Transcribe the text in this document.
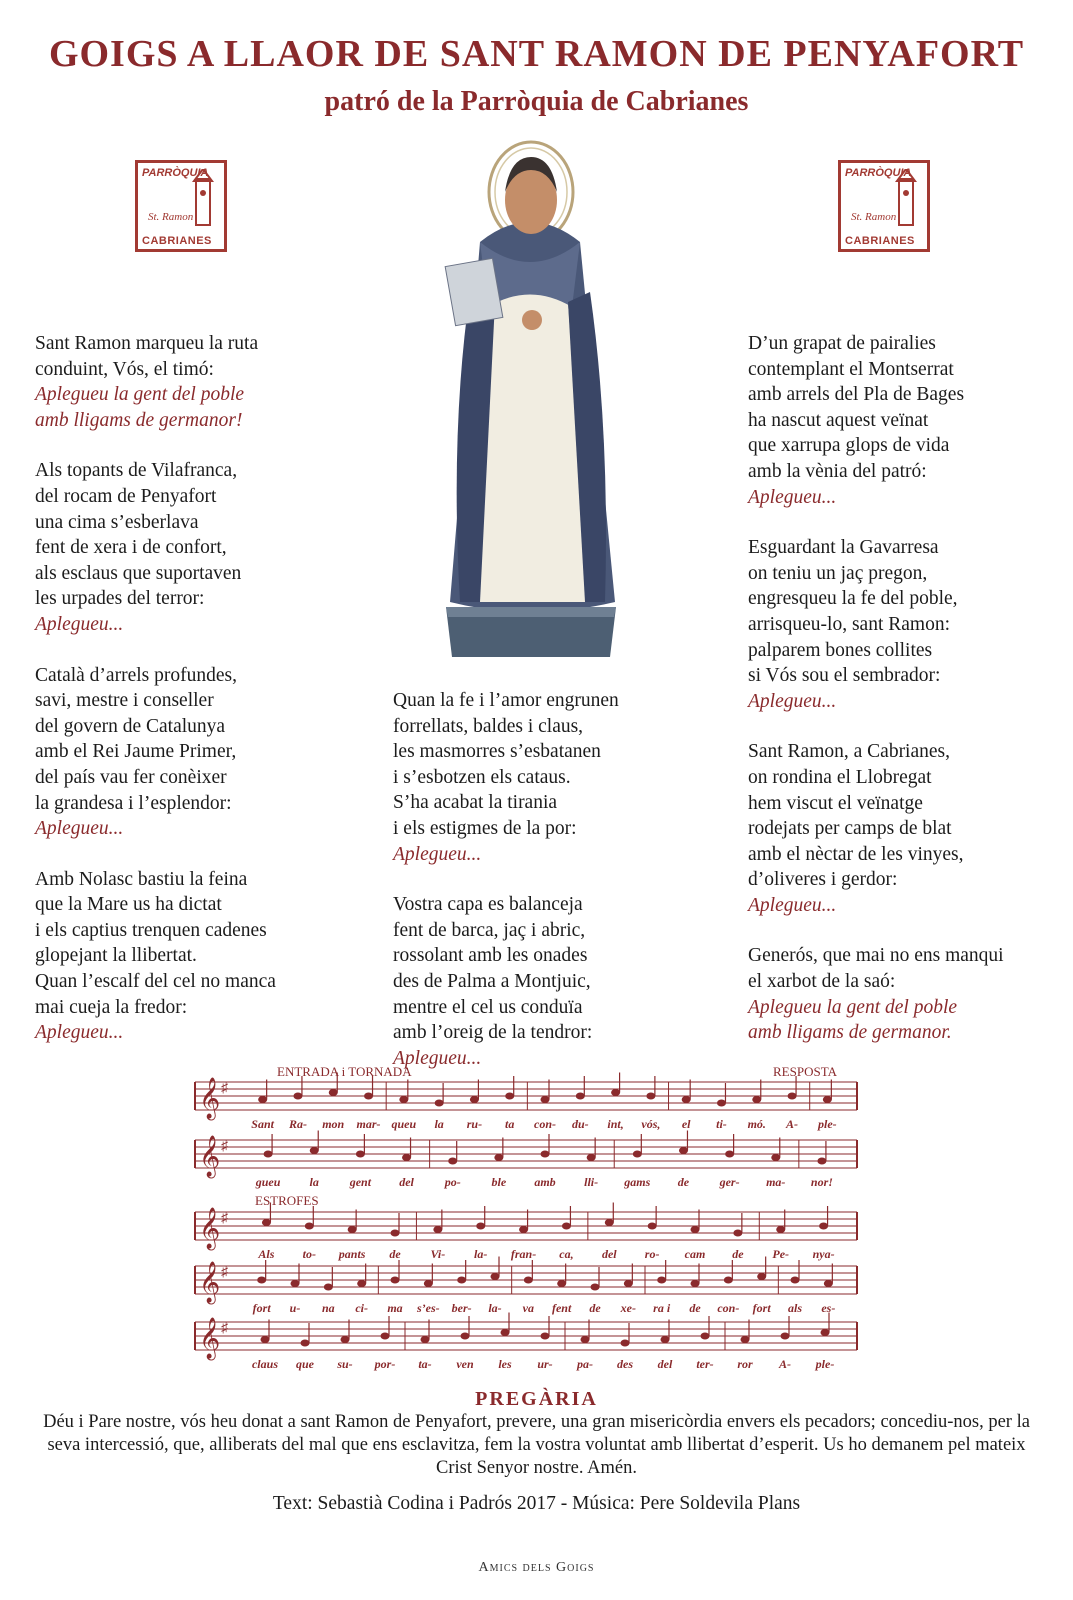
GOIGS A LLAOR DE SANT RAMON DE PENYAFORT
patró de la Parròquia de Cabrianes
PARRÒQUIA
St. Ramon
CABRIANES
PARRÒQUIA
St. Ramon
CABRIANES
Sant Ramon marqueu la ruta
conduint, Vós, el timó:
Aplegueu la gent del poble
amb lligams de germanor!
Als topants de Vilafranca,
del rocam de Penyafort
una cima s’esberlava
fent de xera i de confort,
als esclaus que suportaven
les urpades del terror:
Aplegueu...
Català d’arrels profundes,
savi, mestre i conseller
del govern de Catalunya
amb el Rei Jaume Primer,
del país vau fer conèixer
la grandesa i l’esplendor:
Aplegueu...
Amb Nolasc bastiu la feina
que la Mare us ha dictat
i els captius trenquen cadenes
glopejant la llibertat.
Quan l’escalf del cel no manca
mai cueja la fredor:
Aplegueu...
Quan la fe i l’amor engrunen
forrellats, baldes i claus,
les masmorres s’esbatanen
i s’esbotzen els cataus.
S’ha acabat la tirania
i els estigmes de la por:
Aplegueu...
Vostra capa es balanceja
fent de barca, jaç i abric,
rossolant amb les onades
des de Palma a Montjuic,
mentre el cel us conduïa
amb l’oreig de la tendror:
Aplegueu...
D’un grapat de pairalies
contemplant el Montserrat
amb arrels del Pla de Bages
ha nascut aquest veïnat
que xarrupa glops de vida
amb la vènia del patró:
Aplegueu...
Esguardant la Gavarresa
on teniu un jaç pregon,
engresqueu la fe del poble,
arrisqueu-lo, sant Ramon:
palparem bones collites
si Vós sou el sembrador:
Aplegueu...
Sant Ramon, a Cabrianes,
on rondina el Llobregat
hem viscut el veïnatge
rodejats per camps de blat
amb el nèctar de les vinyes,
d’oliveres i gerdor:
Aplegueu...
Generós, que mai no ens manqui
el xarbot de la saó:
Aplegueu la gent del poble
amb lligams de germanor.
ENTRADA i TORNADA	RESPOSTA
ESTROFES
𝄞 ♯
Sant Ra- mon mar- queu la ru- ta con- du- int, vós, el ti- mó. A- ple-
𝄞 ♯
gueu la	gent del	po-	ble amb lli- gams de	ger- ma- nor!
𝄞 ♯
Als to- pants de Vi- la- fran- ca, del ro- cam de Pe- nya-
𝄞 ♯
fort u- na ci- ma s’es- ber- la- va fent de xe- ra i de con- fort als es-
𝄞 ♯
claus que su- por- ta- ven les ur- pa- des del ter- ror A- ple-
PREGÀRIA
Déu i Pare nostre, vós heu donat a sant Ramon de Penyafort, prevere, una gran misericòrdia envers els pecadors; concediu-nos, per la seva intercessió, que, alliberats del mal que ens esclavitza, fem la vostra voluntat amb llibertat d’esperit. Us ho demanem pel mateix Crist Senyor nostre. Amén.
Text: Sebastià Codina i Padrós 2017 - Música: Pere Soldevila Plans
Amics dels Goigs
